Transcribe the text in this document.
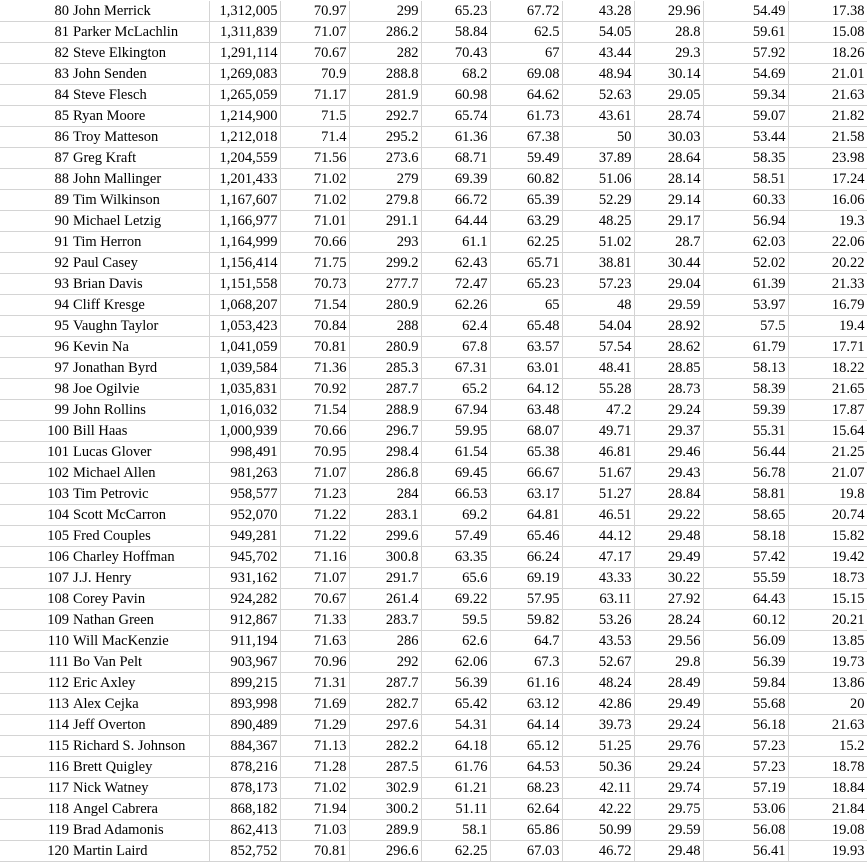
80	John Merrick	1,312,005	70.97	299	65.23	67.72	43.28	29.96	54.49	17.38
81	Parker McLachlin	1,311,839	71.07	286.2	58.84	62.5	54.05	28.8	59.61	15.08
82	Steve Elkington	1,291,114	70.67	282	70.43	67	43.44	29.3	57.92	18.26
83	John Senden	1,269,083	70.9	288.8	68.2	69.08	48.94	30.14	54.69	21.01
84	Steve Flesch	1,265,059	71.17	281.9	60.98	64.62	52.63	29.05	59.34	21.63
85	Ryan Moore	1,214,900	71.5	292.7	65.74	61.73	43.61	28.74	59.07	21.82
86	Troy Matteson	1,212,018	71.4	295.2	61.36	67.38	50	30.03	53.44	21.58
87	Greg Kraft	1,204,559	71.56	273.6	68.71	59.49	37.89	28.64	58.35	23.98
88	John Mallinger	1,201,433	71.02	279	69.39	60.82	51.06	28.14	58.51	17.24
89	Tim Wilkinson	1,167,607	71.02	279.8	66.72	65.39	52.29	29.14	60.33	16.06
90	Michael Letzig	1,166,977	71.01	291.1	64.44	63.29	48.25	29.17	56.94	19.3
91	Tim Herron	1,164,999	70.66	293	61.1	62.25	51.02	28.7	62.03	22.06
92	Paul Casey	1,156,414	71.75	299.2	62.43	65.71	38.81	30.44	52.02	20.22
93	Brian Davis	1,151,558	70.73	277.7	72.47	65.23	57.23	29.04	61.39	21.33
94	Cliff Kresge	1,068,207	71.54	280.9	62.26	65	48	29.59	53.97	16.79
95	Vaughn Taylor	1,053,423	70.84	288	62.4	65.48	54.04	28.92	57.5	19.4
96	Kevin Na	1,041,059	70.81	280.9	67.8	63.57	57.54	28.62	61.79	17.71
97	Jonathan Byrd	1,039,584	71.36	285.3	67.31	63.01	48.41	28.85	58.13	18.22
98	Joe Ogilvie	1,035,831	70.92	287.7	65.2	64.12	55.28	28.73	58.39	21.65
99	John Rollins	1,016,032	71.54	288.9	67.94	63.48	47.2	29.24	59.39	17.87
100	Bill Haas	1,000,939	70.66	296.7	59.95	68.07	49.71	29.37	55.31	15.64
101	Lucas Glover	998,491	70.95	298.4	61.54	65.38	46.81	29.46	56.44	21.25
102	Michael Allen	981,263	71.07	286.8	69.45	66.67	51.67	29.43	56.78	21.07
103	Tim Petrovic	958,577	71.23	284	66.53	63.17	51.27	28.84	58.81	19.8
104	Scott McCarron	952,070	71.22	283.1	69.2	64.81	46.51	29.22	58.65	20.74
105	Fred Couples	949,281	71.22	299.6	57.49	65.46	44.12	29.48	58.18	15.82
106	Charley Hoffman	945,702	71.16	300.8	63.35	66.24	47.17	29.49	57.42	19.42
107	J.J. Henry	931,162	71.07	291.7	65.6	69.19	43.33	30.22	55.59	18.73
108	Corey Pavin	924,282	70.67	261.4	69.22	57.95	63.11	27.92	64.43	15.15
109	Nathan Green	912,867	71.33	283.7	59.5	59.82	53.26	28.24	60.12	20.21
110	Will MacKenzie	911,194	71.63	286	62.6	64.7	43.53	29.56	56.09	13.85
111	Bo Van Pelt	903,967	70.96	292	62.06	67.3	52.67	29.8	56.39	19.73
112	Eric Axley	899,215	71.31	287.7	56.39	61.16	48.24	28.49	59.84	13.86
113	Alex Cejka	893,998	71.69	282.7	65.42	63.12	42.86	29.49	55.68	20
114	Jeff Overton	890,489	71.29	297.6	54.31	64.14	39.73	29.24	56.18	21.63
115	Richard S. Johnson	884,367	71.13	282.2	64.18	65.12	51.25	29.76	57.23	15.2
116	Brett Quigley	878,216	71.28	287.5	61.76	64.53	50.36	29.24	57.23	18.78
117	Nick Watney	878,173	71.02	302.9	61.21	68.23	42.11	29.74	57.19	18.84
118	Angel Cabrera	868,182	71.94	300.2	51.11	62.64	42.22	29.75	53.06	21.84
119	Brad Adamonis	862,413	71.03	289.9	58.1	65.86	50.99	29.59	56.08	19.08
120	Martin Laird	852,752	70.81	296.6	62.25	67.03	46.72	29.48	56.41	19.93
